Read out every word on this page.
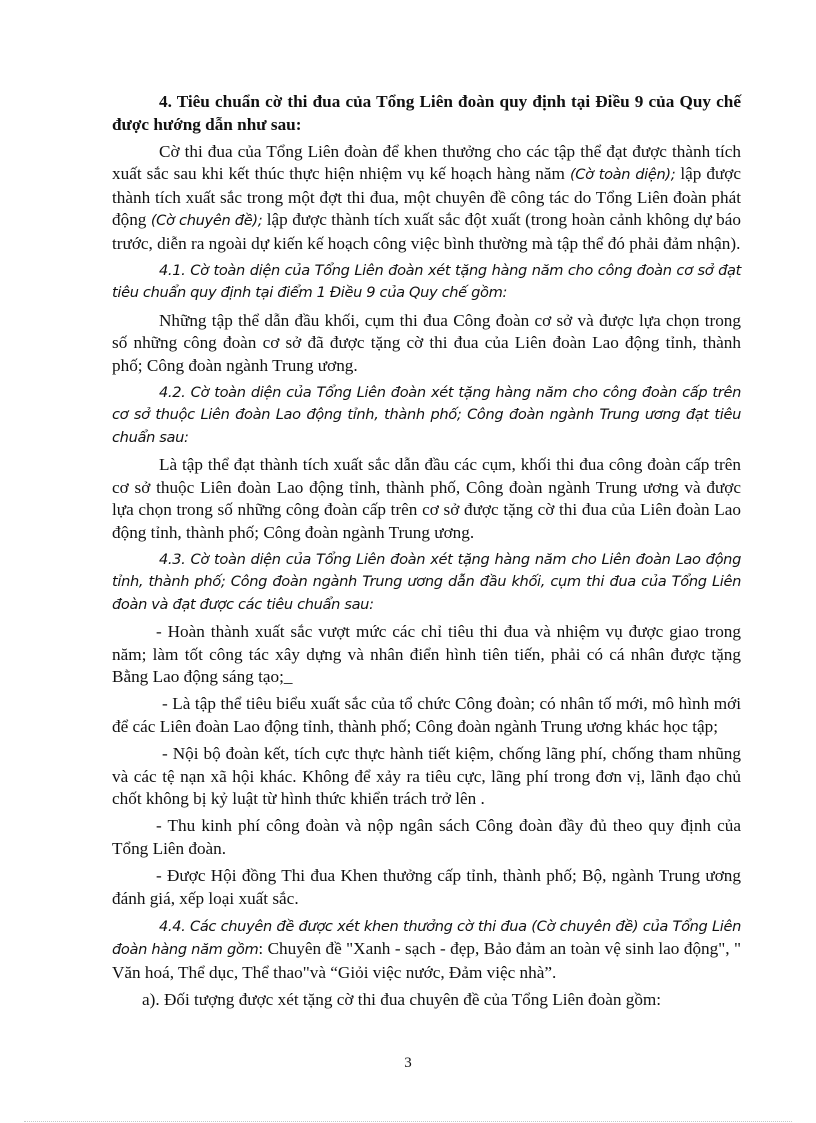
4. Tiêu chuẩn cờ thi đua của Tổng Liên đoàn quy định tại Điều 9 của Quy chế được hướng dẫn như sau:

Cờ thi đua của Tổng Liên đoàn để khen thưởng cho các tập thể đạt được thành tích xuất sắc sau khi kết thúc thực hiện nhiệm vụ kế hoạch hàng năm (Cờ toàn diện); lập được thành tích xuất sắc trong một đợt thi đua, một chuyên đề công tác do Tổng Liên đoàn phát động (Cờ chuyên đề); lập được thành tích xuất sắc đột xuất (trong hoàn cảnh không dự báo trước, diễn ra ngoài dự kiến kế hoạch công việc bình thường mà tập thể đó phải đảm nhận).

4.1. Cờ toàn diện của Tổng Liên đoàn xét tặng hàng năm cho công đoàn cơ sở đạt tiêu chuẩn quy định tại điểm 1 Điều 9 của Quy chế gồm:

Những tập thể dẫn đầu khối, cụm thi đua Công đoàn cơ sở và được lựa chọn trong số những công đoàn cơ sở đã được tặng cờ thi đua của Liên đoàn Lao động tỉnh, thành phố; Công đoàn ngành Trung ương.

4.2. Cờ toàn diện của Tổng Liên đoàn xét tặng hàng năm cho công đoàn cấp trên cơ sở thuộc Liên đoàn Lao động tỉnh, thành phố; Công đoàn ngành Trung ương đạt tiêu chuẩn sau:

Là tập thể đạt thành tích xuất sắc dẫn đầu các cụm, khối thi đua công đoàn cấp trên cơ sở thuộc Liên đoàn Lao động tỉnh, thành phố, Công đoàn ngành Trung ương và được lựa chọn trong số những công đoàn cấp trên cơ sở được tặng cờ thi đua của Liên đoàn Lao động tỉnh, thành phố; Công đoàn ngành Trung ương.

4.3. Cờ toàn diện của Tổng Liên đoàn xét tặng hàng năm cho Liên đoàn Lao động tỉnh, thành phố; Công đoàn ngành Trung ương dẫn đầu khối, cụm thi đua của Tổng Liên đoàn và đạt được các tiêu chuẩn sau:

- Hoàn thành xuất sắc vượt mức các chỉ tiêu thi đua và nhiệm vụ được giao trong năm; làm tốt công tác xây dựng và nhân điển hình tiên tiến, phải có cá nhân được tặng Bằng Lao động sáng tạo;_

- Là tập thể tiêu biểu xuất sắc của tổ chức Công đoàn; có nhân tố mới, mô hình mới để các Liên đoàn Lao động tỉnh, thành phố; Công đoàn ngành Trung ương khác học tập;

- Nội bộ đoàn kết, tích cực thực hành tiết kiệm, chống lãng phí, chống tham nhũng và các tệ nạn xã hội khác. Không để xảy ra tiêu cực, lãng phí trong đơn vị, lãnh đạo chủ chốt không bị kỷ luật từ hình thức khiển trách trở lên .

- Thu kinh phí công đoàn và nộp ngân sách Công đoàn đầy đủ theo quy định của Tổng Liên đoàn.

- Được Hội đồng Thi đua Khen thưởng cấp tỉnh, thành phố; Bộ, ngành Trung ương đánh giá, xếp loại xuất sắc.

4.4. Các chuyên đề được xét khen thưởng cờ thi đua (Cờ chuyên đề) của Tổng Liên đoàn hàng năm gồm: Chuyên đề "Xanh - sạch - đẹp, Bảo đảm an toàn vệ sinh lao động", " Văn hoá, Thể dục, Thể thao"và “Giỏi việc nước, Đảm việc nhà”.

a). Đối tượng được xét tặng cờ thi đua chuyên đề của Tổng Liên đoàn gồm:

3
